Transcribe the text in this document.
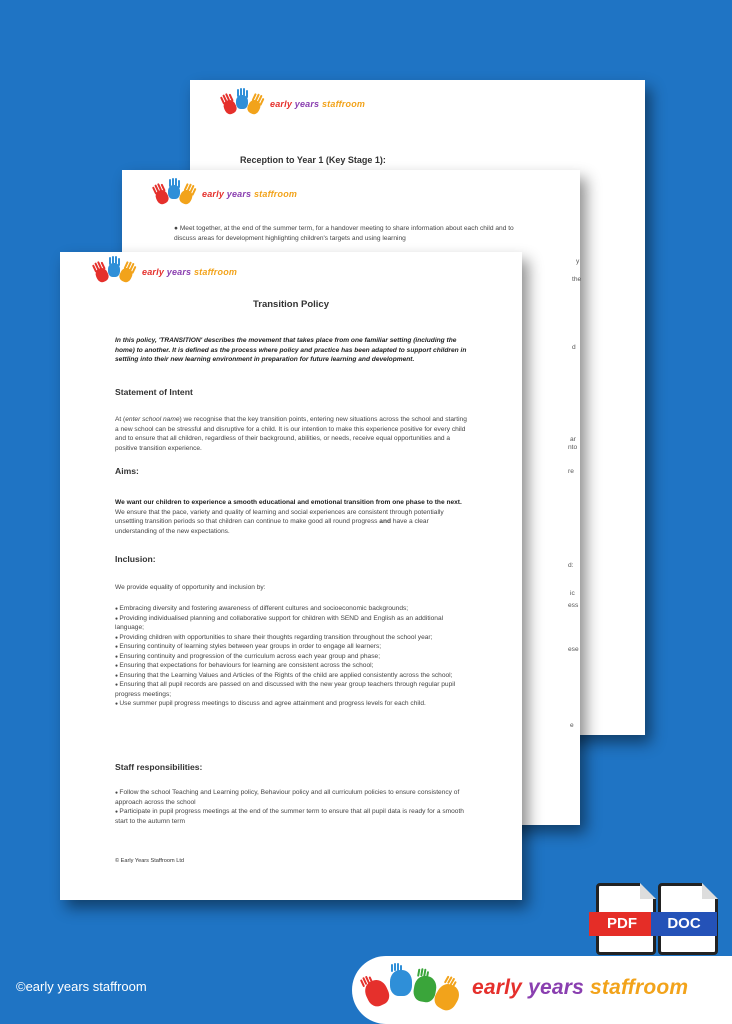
early years staffroom
Reception to Year 1 (Key Stage 1):
early years staffroom
● Meet together, at the end of the summer term, for a handover meeting to share information about each child and to discuss areas for development highlighting children's targets and using learning
y
the
d
ar
nto
re
d:
ic
ess
ese
e
early years staffroom
Transition Policy
In this policy, 'TRANSITION' describes the movement that takes place from one familiar setting (including the home) to another. It is defined as the process where policy and practice has been adapted to support children in settling into their new learning environment in preparation for future learning and development.
Statement of Intent
At (enter school name) we recognise that the key transition points, entering new situations across the school and starting a new school can be stressful and disruptive for a child. It is our intention to make this experience positive for every child and to ensure that all children, regardless of their background, abilities, or needs, receive equal opportunities and a positive transition experience.
Aims:
We want our children to experience a smooth educational and emotional transition from one phase to the next. We ensure that the pace, variety and quality of learning and social experiences are consistent through potentially unsettling transition periods so that children can continue to make good all round progress and have a clear understanding of the new expectations.
Inclusion:
We provide equality of opportunity and inclusion by:
● Embracing diversity and fostering awareness of different cultures and socioeconomic backgrounds;
● Providing individualised planning and collaborative support for children with SEND and English as an additional language;
● Providing children with opportunities to share their thoughts regarding transition throughout the school year;
● Ensuring continuity of learning styles between year groups in order to engage all learners;
● Ensuring continuity and progression of the curriculum across each year group and phase;
● Ensuring that expectations for behaviours for learning are consistent across the school;
● Ensuring that the Learning Values and Articles of the Rights of the child are applied consistently across the school;
● Ensuring that all pupil records are passed on and discussed with the new year group teachers through regular pupil progress meetings;
● Use summer pupil progress meetings to discuss and agree attainment and progress levels for each child.
Staff responsibilities:
● Follow the school Teaching and Learning policy, Behaviour policy and all curriculum policies to ensure consistency of approach across the school
● Participate in pupil progress meetings at the end of the summer term to ensure that all pupil data is ready for a smooth start to the autumn term
© Early Years Staffroom Ltd
PDF	DOC
©early years staffroom	early years staffroom
